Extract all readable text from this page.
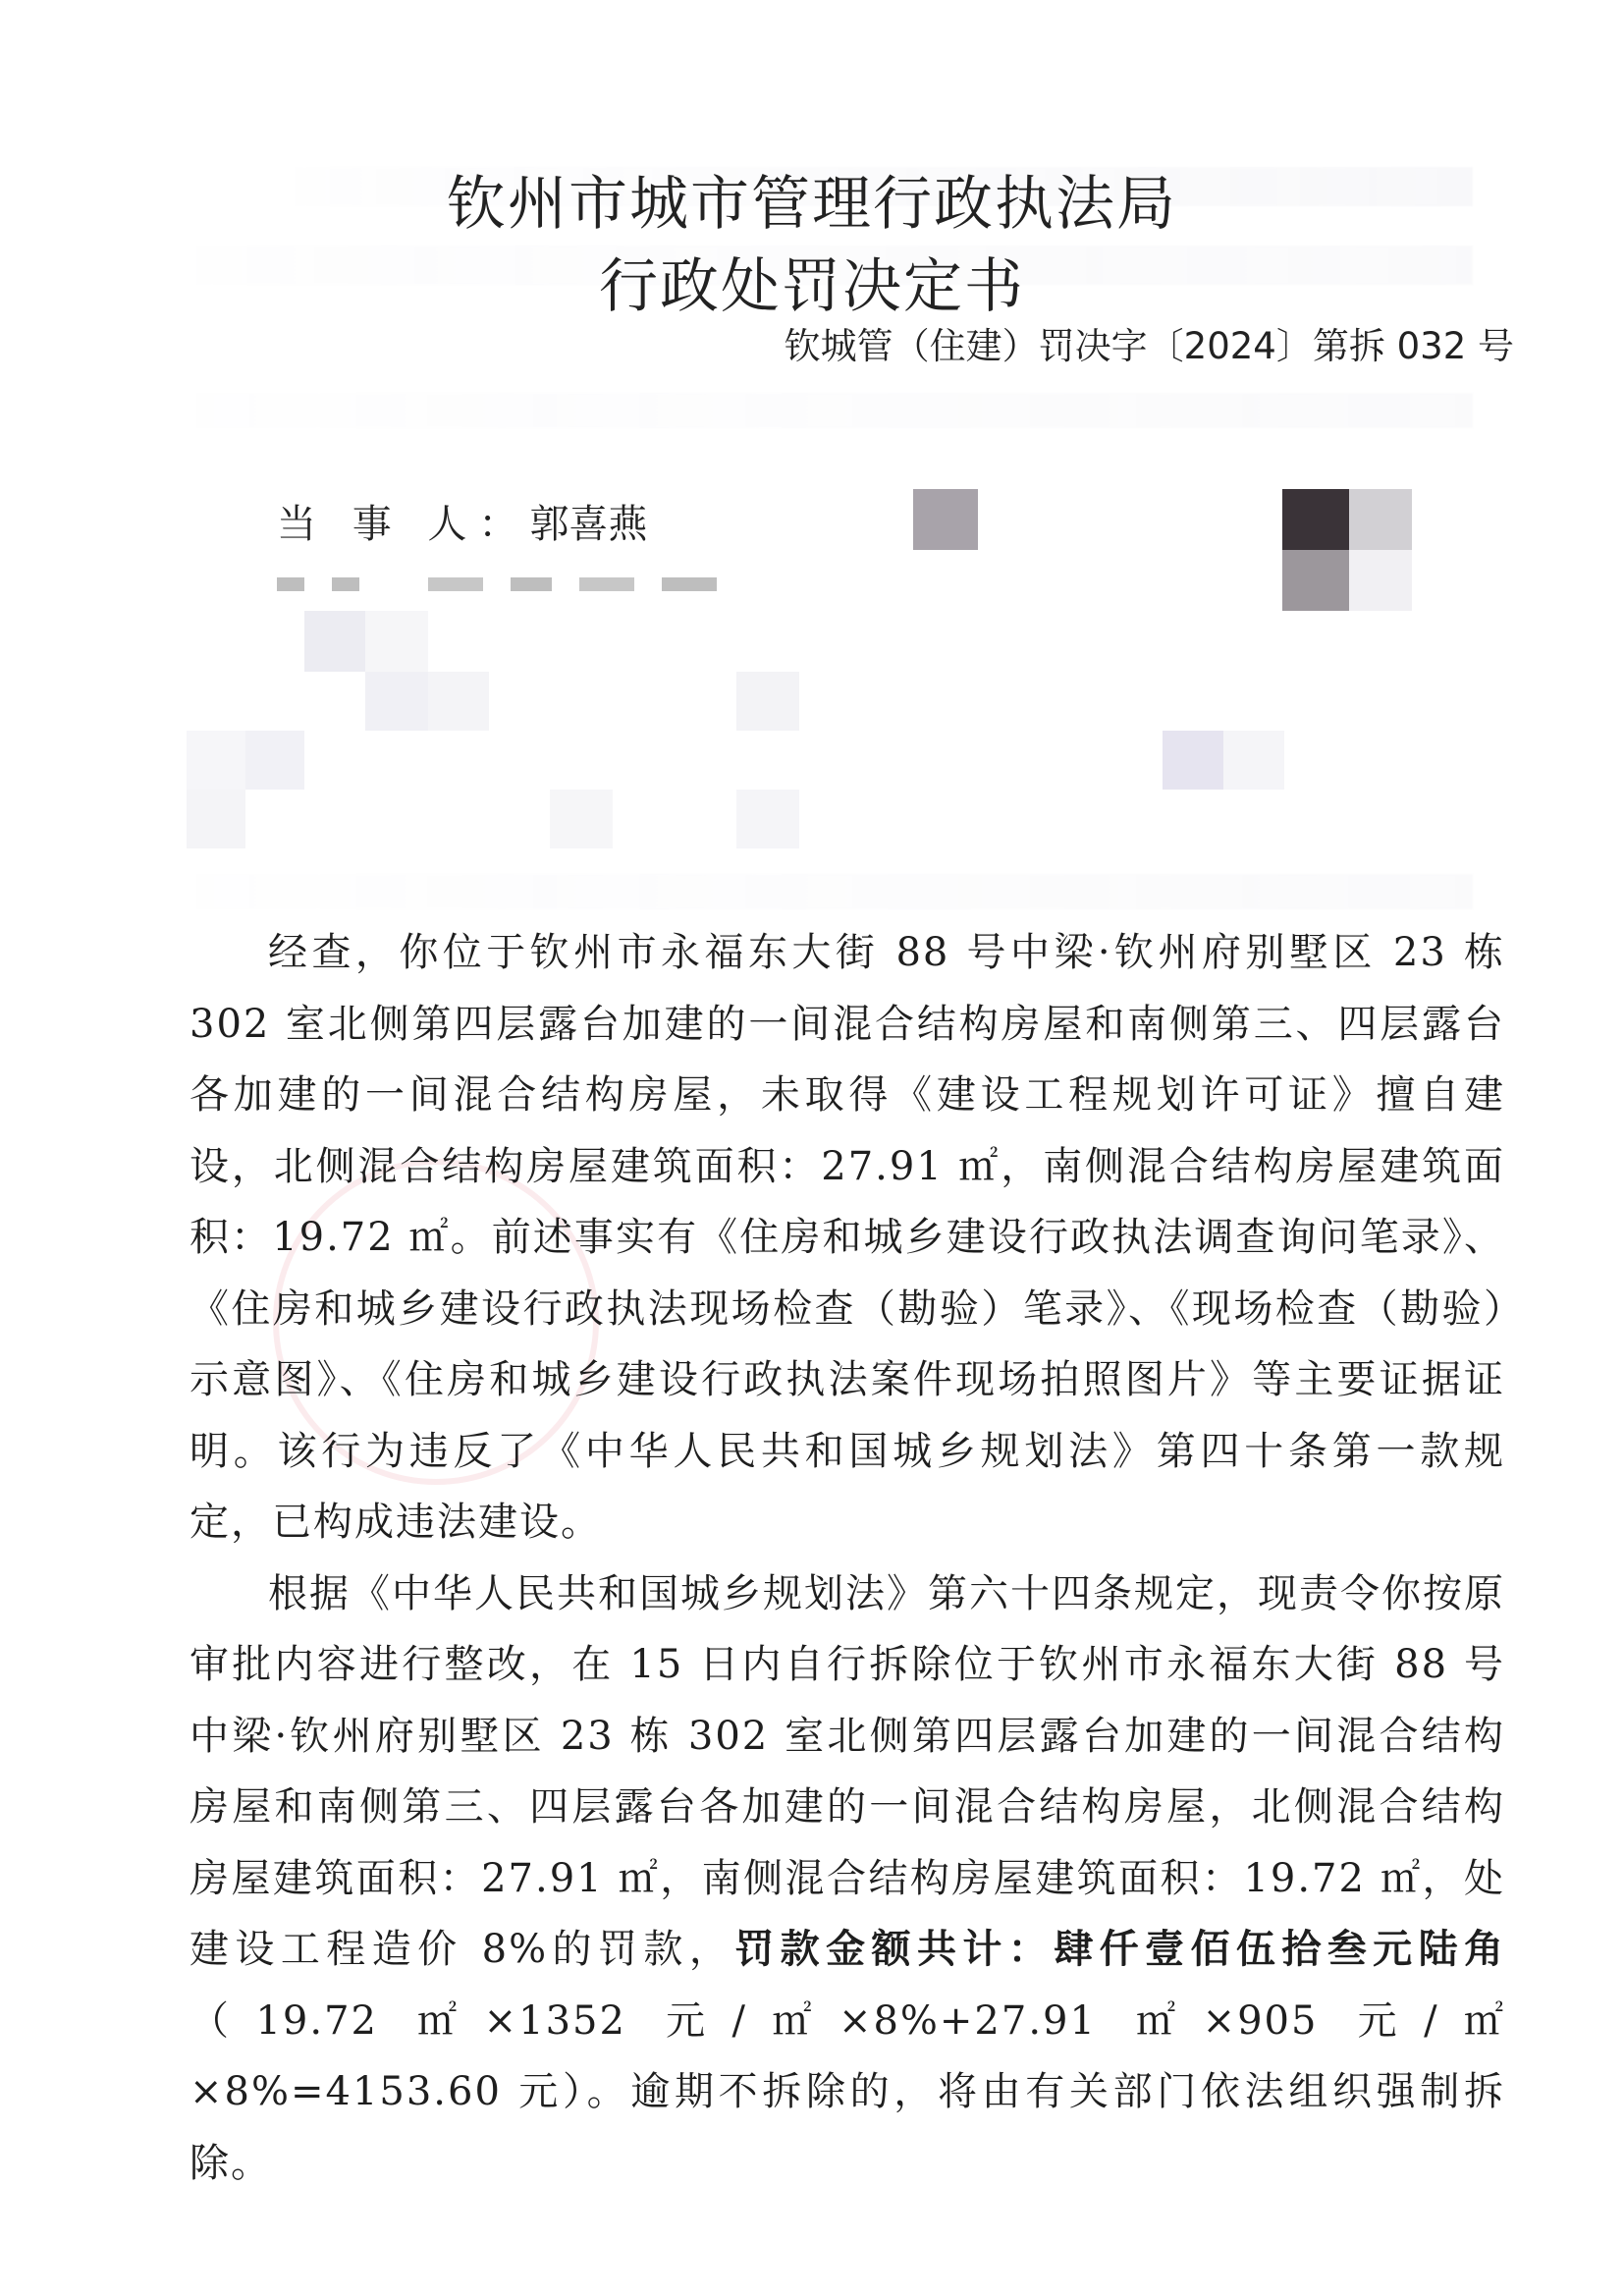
钦州市城市管理行政执法局
行政处罚决定书
钦城管（住建）罚决字〔2024〕第拆 032 号
当 事 人：郭喜燕

经查，你位于钦州市永福东大街 88 号中梁·钦州府别墅区 23 栋 302 室北侧第四层露台加建的一间混合结构房屋和南侧第三、四层露台各加建的一间混合结构房屋，未取得《建设工程规划许可证》擅自建设，北侧混合结构房屋建筑面积：27.91 ㎡，南侧混合结构房屋建筑面积：19.72 ㎡。前述事实有《住房和城乡建设行政执法调查询问笔录》、《住房和城乡建设行政执法现场检查（勘验）笔录》、《现场检查（勘验）示意图》、《住房和城乡建设行政执法案件现场拍照图片》等主要证据证明。该行为违反了《中华人民共和国城乡规划法》第四十条第一款规定，已构成违法建设。

根据《中华人民共和国城乡规划法》第六十四条规定，现责令你按原审批内容进行整改，在 15 日内自行拆除位于钦州市永福东大街 88 号中梁·钦州府别墅区 23 栋 302 室北侧第四层露台加建的一间混合结构房屋和南侧第三、四层露台各加建的一间混合结构房屋，北侧混合结构房屋建筑面积：27.91 ㎡，南侧混合结构房屋建筑面积：19.72 ㎡，处建设工程造价 8%的罚款，罚款金额共计：肆仟壹佰伍拾叁元陆角（19.72 ㎡×1352 元/㎡×8%+27.91 ㎡×905 元/㎡×8%=4153.60 元）。逾期不拆除的，将由有关部门依法组织强制拆除。
